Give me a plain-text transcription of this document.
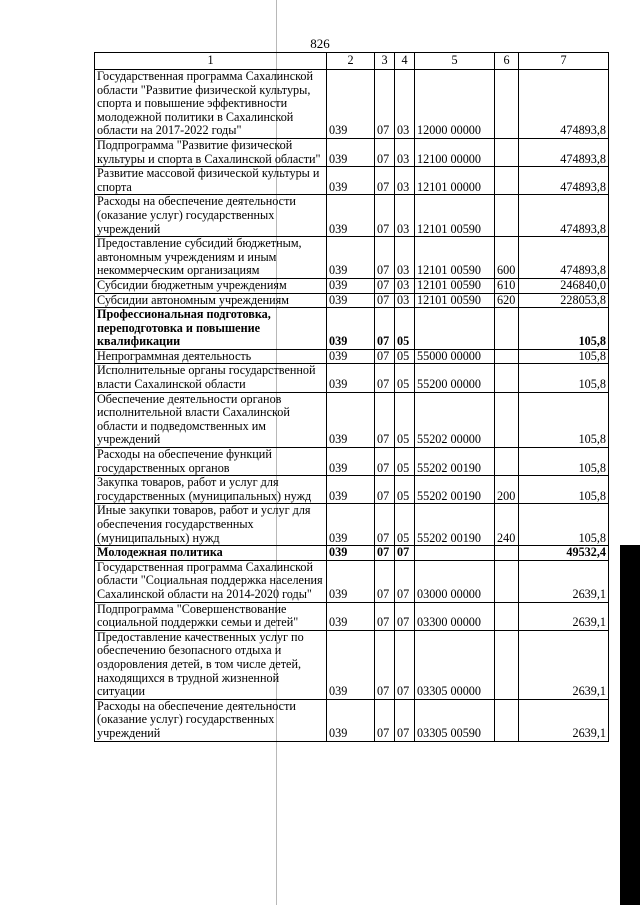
826
1	2	3	4	5	6	7
Государственная программа Сахалинской области "Развитие физической культуры, спорта и повышение эффективности молодежной политики в Сахалинской области на 2017-2022 годы"	039	07	03	12000 00000		474893,8
Подпрограмма "Развитие физической культуры и спорта в Сахалинской области"	039	07	03	12100 00000		474893,8
Развитие массовой физической культуры и спорта	039	07	03	12101 00000		474893,8
Расходы на обеспечение деятельности (оказание услуг) государственных учреждений	039	07	03	12101 00590		474893,8
Предоставление субсидий бюджетным, автономным учреждениям и иным некоммерческим организациям	039	07	03	12101 00590	600	474893,8
Субсидии бюджетным учреждениям	039	07	03	12101 00590	610	246840,0
Субсидии автономным учреждениям	039	07	03	12101 00590	620	228053,8
Профессиональная подготовка, переподготовка и повышение квалификации	039	07	05			105,8
Непрограммная деятельность	039	07	05	55000 00000		105,8
Исполнительные органы государственной власти Сахалинской области	039	07	05	55200 00000		105,8
Обеспечение деятельности органов исполнительной власти Сахалинской области и подведомственных им учреждений	039	07	05	55202 00000		105,8
Расходы на обеспечение функций государственных органов	039	07	05	55202 00190		105,8
Закупка товаров, работ и услуг для государственных (муниципальных) нужд	039	07	05	55202 00190	200	105,8
Иные закупки товаров, работ и услуг для обеспечения государственных (муниципальных) нужд	039	07	05	55202 00190	240	105,8
Молодежная политика	039	07	07			49532,4
Государственная программа Сахалинской области "Социальная поддержка населения Сахалинской области на 2014-2020 годы"	039	07	07	03000 00000		2639,1
Подпрограмма "Совершенствование социальной поддержки семьи и детей"	039	07	07	03300 00000		2639,1
Предоставление качественных услуг по обеспечению безопасного отдыха и оздоровления детей, в том числе детей, находящихся в трудной жизненной ситуации	039	07	07	03305 00000		2639,1
Расходы на обеспечение деятельности (оказание услуг) государственных учреждений	039	07	07	03305 00590		2639,1
